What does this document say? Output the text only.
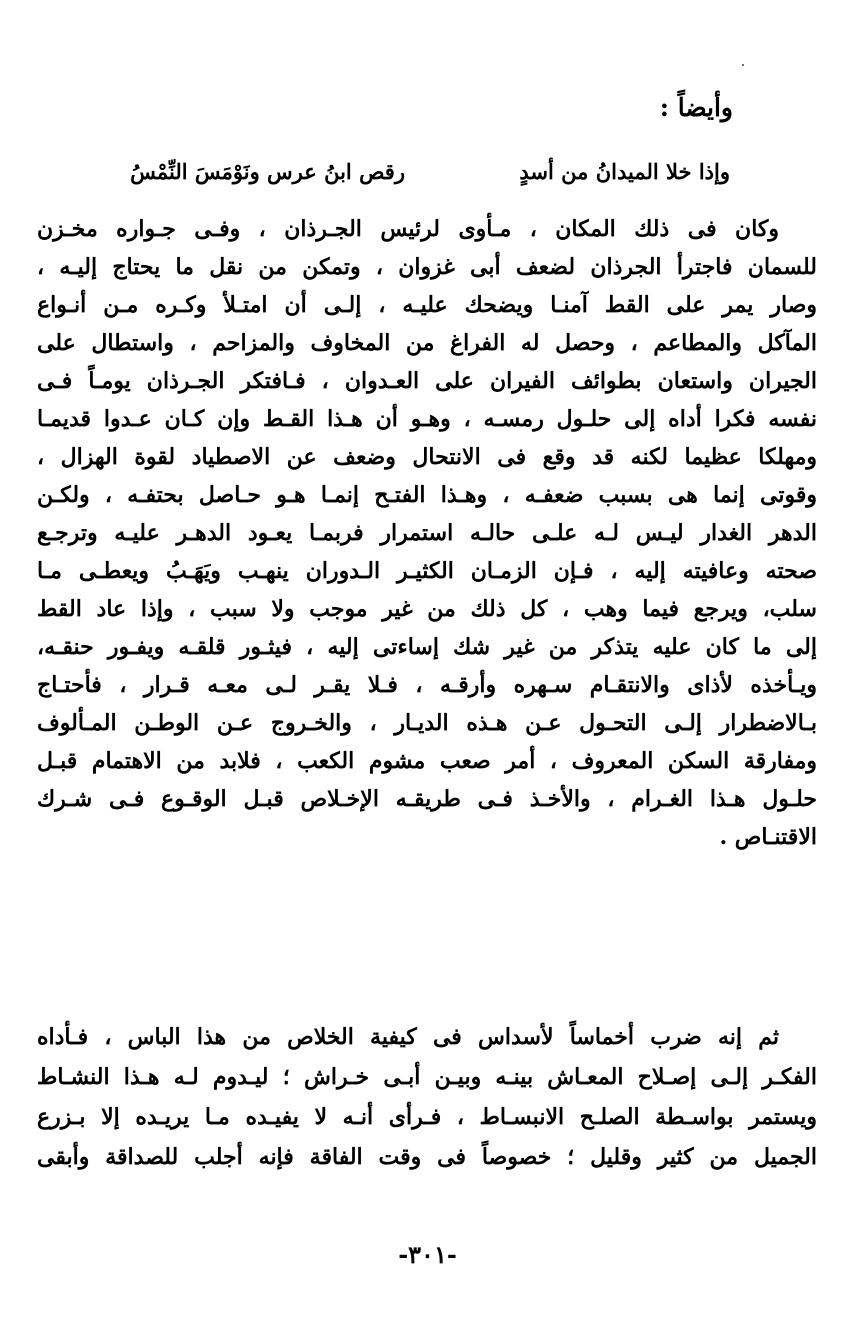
وأيضاً :
وإذا خلا الميدانُ من أسدٍ
رقص ابنُ عرس ونَوْمَسَ النِّمْسُ
وكان فى ذلك المكان ، مـأوى لرئيس الجـرذان ، وفـى جـواره مخـزن
للسمان فاجترأ الجرذان لضعف أبى غزوان ، وتمكن من نقل ما يحتاج إليـه ،
وصار يمر على القط آمنـا ويضحك عليـه ، إلـى أن امتـلأ وكـره مـن أنـواع
المآكل والمطاعم ، وحصل له الفراغ من المخاوف والمزاحم ، واستطال على
الجيران واستعان بطوائف الفيران على العـدوان ، فـافتكر الجـرذان يومـاً فـى
نفسه فكرا أداه إلى حلـول رمسـه ، وهـو أن هـذا القـط وإن كـان عـدوا قديمـا
ومهلكا عظيما لكنه قد وقع فى الانتحال وضعف عن الاصطياد لقوة الهزال ،
وقوتى إنما هى بسبب ضعفـه ، وهـذا الفتـح إنمـا هـو حـاصل بحتفـه ، ولكـن
الدهر الغدار ليـس لـه علـى حالـه استمرار فربمـا يعـود الدهـر عليـه وترجـع
صحته وعافيته إليه ، فـإن الزمـان الكثيـر الـدوران ينهـب ويَهَـبُ ويعطـى مـا
سلب، ويرجع فيما وهب ، كل ذلك من غير موجب ولا سبب ، وإذا عاد القط
إلى ما كان عليه يتذكر من غير شك إساءتى إليه ، فيثـور قلقـه ويفـور حنقـه،
ويـأخذه لأذاى والانتقـام سـهره وأرقـه ، فـلا يقـر لـى معـه قـرار ، فأحتـاج
بـالاضطرار إلـى التحـول عـن هـذه الديـار ، والخـروج عـن الوطـن المـألوف
ومفارقة السكن المعروف ، أمر صعب مشوم الكعب ، فلابد من الاهتمام قبـل
حلـول هـذا الغـرام ، والأخـذ فـى طريقـه الإخـلاص قبـل الوقـوع فـى شـرك
الاقتنـاص .
ثم إنه ضرب أخماساً لأسداس فى كيفية الخلاص من هذا الباس ، فـأداه
الفكـر إلـى إصـلاح المعـاش بينـه وبيـن أبـى خـراش ؛ ليـدوم لـه هـذا النشـاط
ويستمر بواسـطة الصلـح الانبسـاط ، فـرأى أنـه لا يفيـده مـا يريـده إلا بـزرع
الجميل من كثير وقليل ؛ خصوصاً فى وقت الفاقة فإنه أجلب للصداقة وأبقى
-٣٠١-
